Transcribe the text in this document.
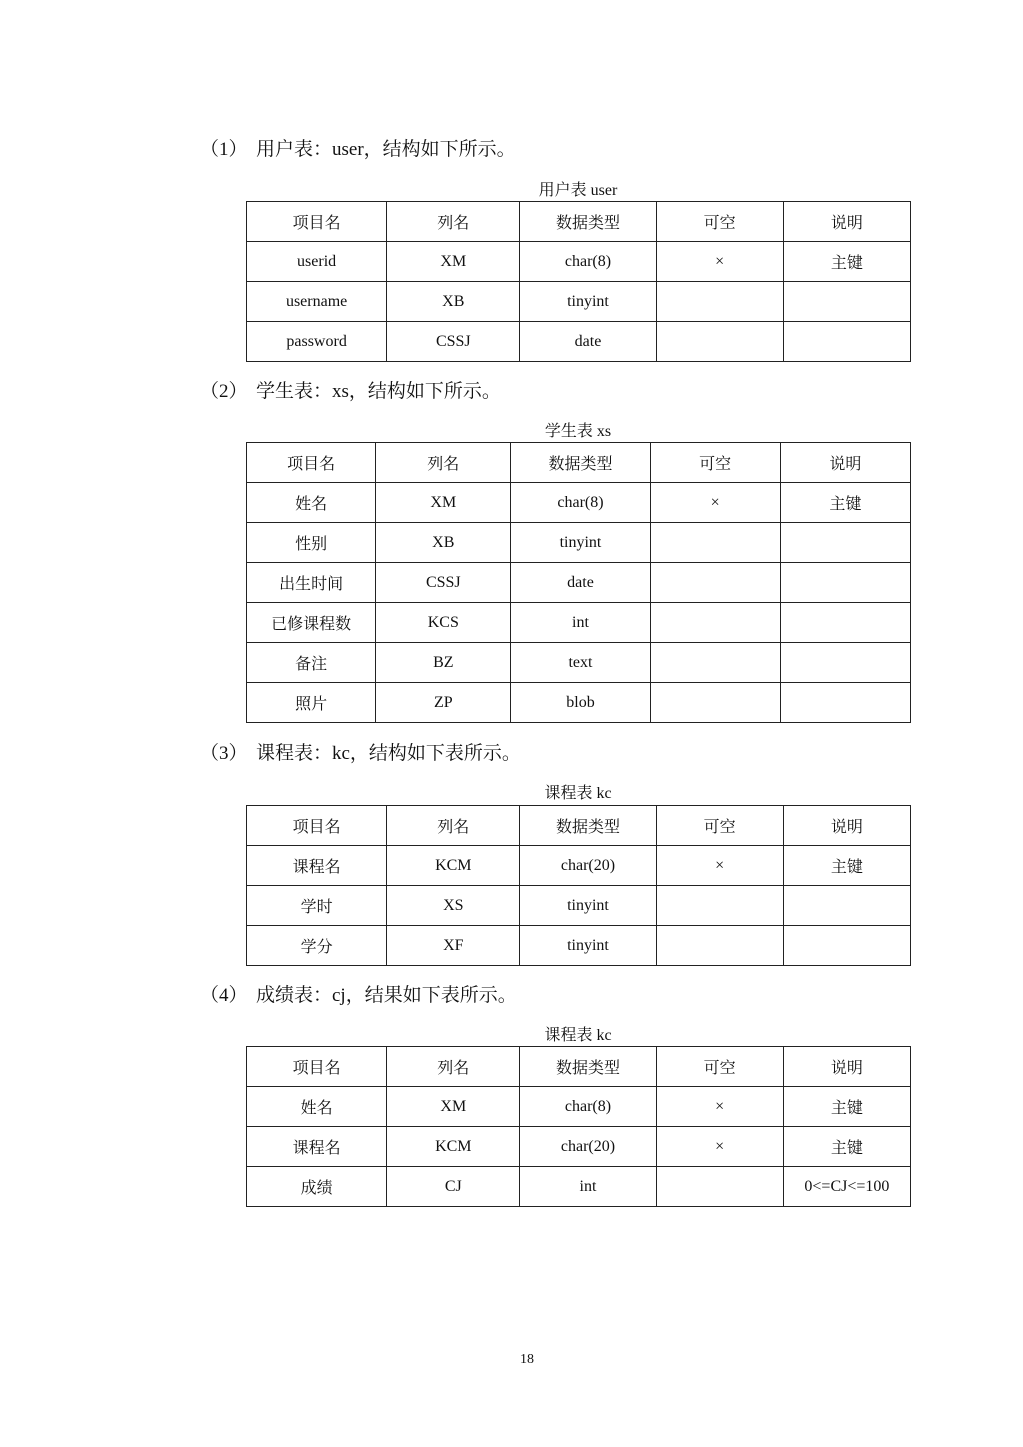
（1） 用户表：user，结构如下所示。
用户表 user
项目名	列名	数据类型	可空	说明
userid	XM	char(8)	×	主键
username	XB	tinyint		
password	CSSJ	date		
（2） 学生表：xs，结构如下所示。
学生表 xs
项目名	列名	数据类型	可空	说明
姓名	XM	char(8)	×	主键
性别	XB	tinyint		
出生时间	CSSJ	date		
已修课程数	KCS	int		
备注	BZ	text		
照片	ZP	blob		
（3） 课程表：kc，结构如下表所示。
课程表 kc
项目名	列名	数据类型	可空	说明
课程名	KCM	char(20)	×	主键
学时	XS	tinyint		
学分	XF	tinyint		
（4） 成绩表：cj，结果如下表所示。
课程表 kc
项目名	列名	数据类型	可空	说明
姓名	XM	char(8)	×	主键
课程名	KCM	char(20)	×	主键
成绩	CJ	int		0<=CJ<=100
18
